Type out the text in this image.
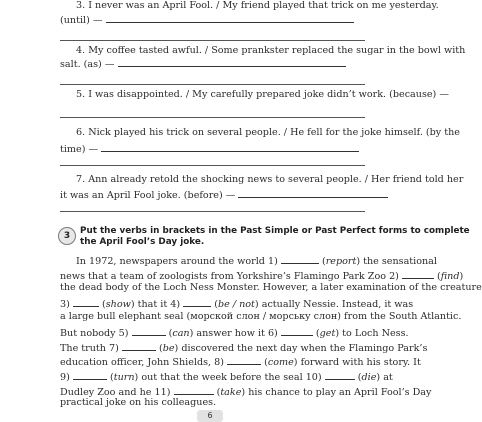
3. I never was an April Fool. / My friend played that trick on me yesterday.
(until) —
4. My coffee tasted awful. / Some prankster replaced the sugar in the bowl with
salt. (as) —
5. I was disappointed. / My carefully prepared joke didn’t work. (because) —
6. Nick played his trick on several people. / He fell for the joke himself. (by the
time) —
7. Ann already retold the shocking news to several people. / Her friend told her
it was an April Fool joke. (before) —
3	Put the verbs in brackets in the Past Simple or Past Perfect forms to complete
the April Fool’s Day joke.
In 1972, newspapers around the world 1)	(report) the sensational
news that a team of zoologists from Yorkshire’s Flamingo Park Zoo 2)	(find)
the dead body of the Loch Ness Monster. However, a later examination of the creature
3)	(show) that it 4)	(be / not) actually Nessie. Instead, it was
a large bull elephant seal (морской слон / морськy слон) from the South Atlantic.
But nobody 5)	(can) answer how it 6)	(get) to Loch Ness.
The truth 7)	(be) discovered the next day when the Flamingo Park’s
education officer, John Shields, 8)	(come) forward with his story. It
9)	(turn) out that the week before the seal 10)	(die) at
Dudley Zoo and he 11)	(take) his chance to play an April Fool’s Day
practical joke on his colleagues.
6
